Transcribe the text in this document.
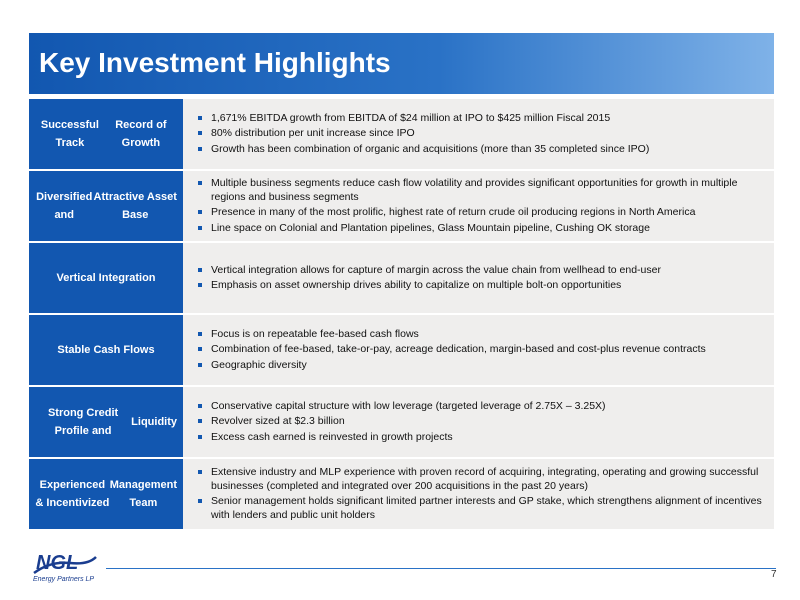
Key Investment Highlights
Successful Track
Record of Growth
1,671% EBITDA growth from EBITDA of $24 million at IPO to $425 million Fiscal 2015
80% distribution per unit increase since IPO
Growth has been combination of organic and acquisitions (more than 35 completed since IPO)
Diversified and
Attractive Asset Base
Multiple business segments reduce cash flow volatility and provides significant opportunities for growth in multiple regions and business segments
Presence in many of the most prolific, highest rate of return crude oil producing regions in North America
Line space on Colonial and Plantation pipelines, Glass Mountain pipeline, Cushing OK storage
Vertical Integration
Vertical integration allows for capture of margin across the value chain from wellhead to end-user
Emphasis on asset ownership drives ability to capitalize on multiple bolt-on opportunities
Stable Cash Flows
Focus is on repeatable fee-based cash flows
Combination of fee-based, take-or-pay, acreage dedication, margin-based and cost-plus revenue contracts
Geographic diversity
Strong Credit Profile and
Liquidity
Conservative capital structure with low leverage (targeted leverage of 2.75X – 3.25X)
Revolver sized at $2.3 billion
Excess cash earned is reinvested in growth projects
Experienced & Incentivized
Management Team
Extensive industry and MLP experience with proven record of acquiring, integrating, operating and growing successful businesses (completed and integrated over 200 acquisitions in the past 20 years)
Senior management holds significant limited partner interests and GP stake, which strengthens alignment of incentives with lenders and public unit holders
NGL
Energy Partners LP	7
